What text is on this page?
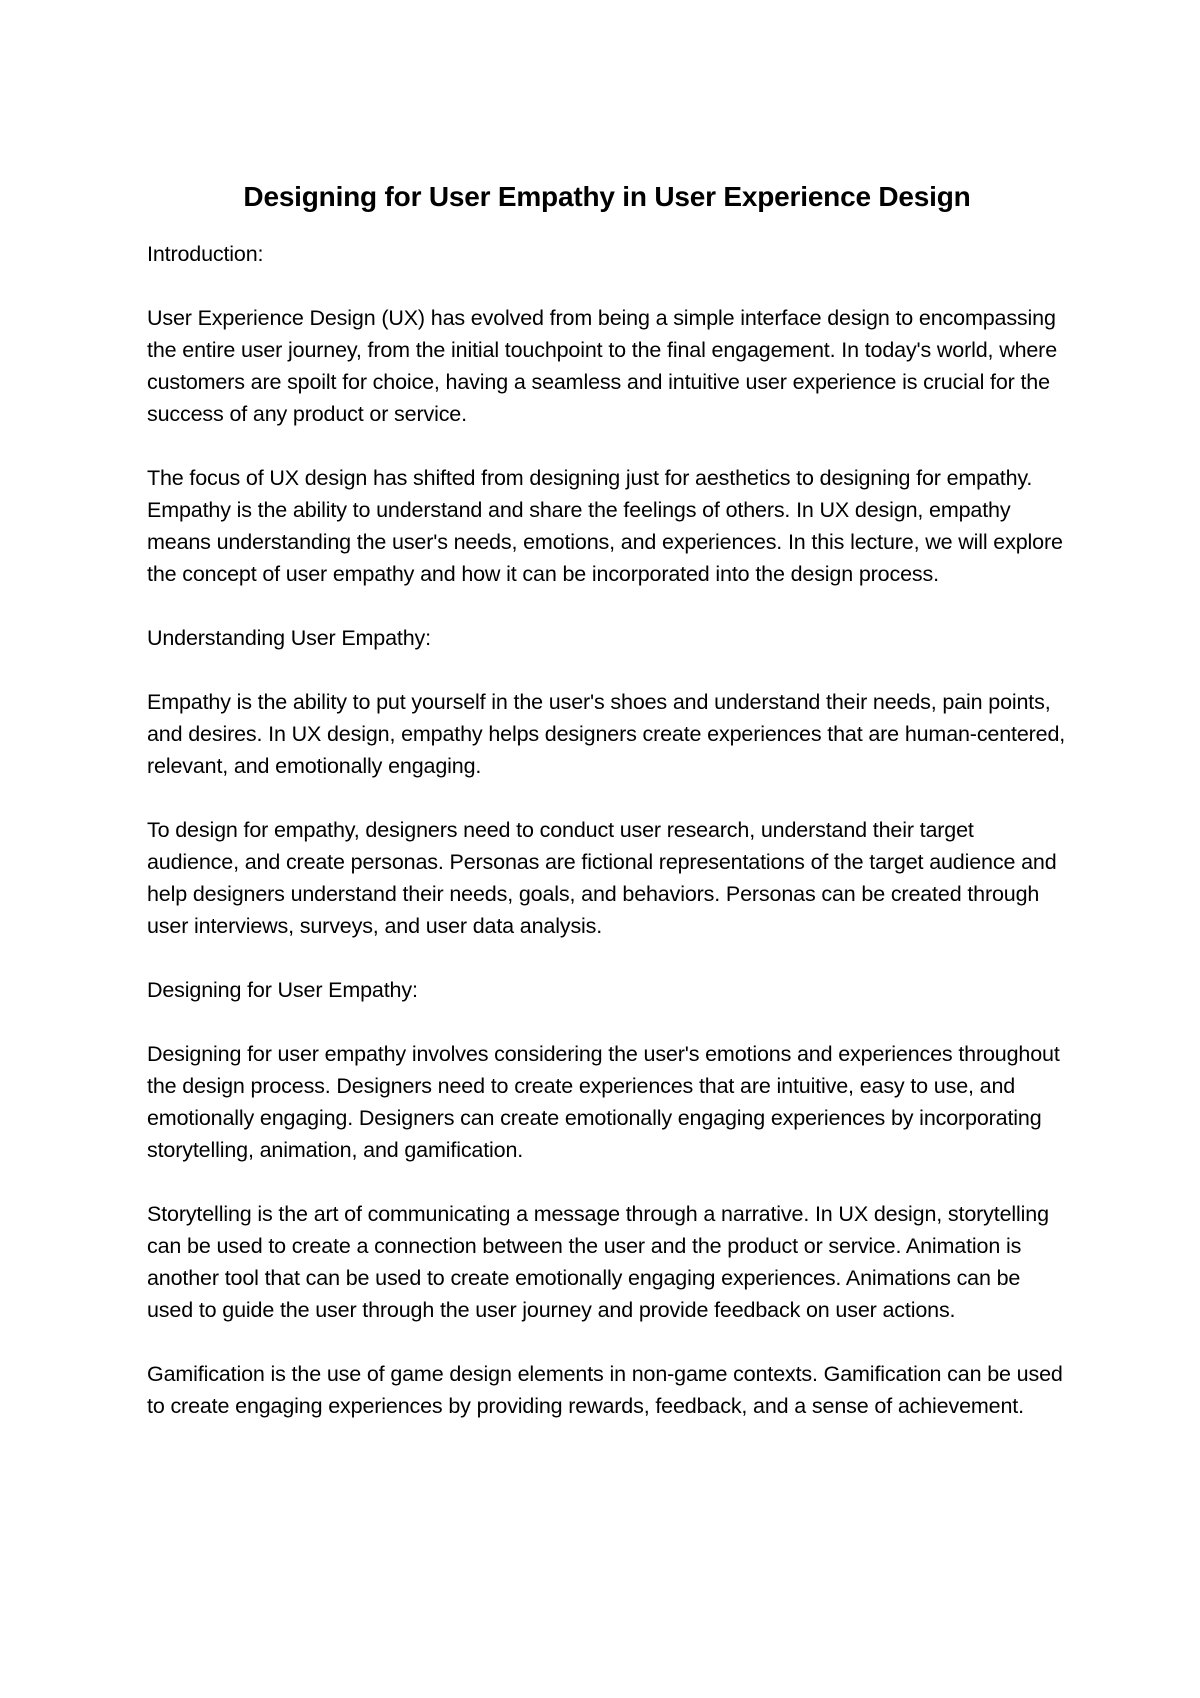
Designing for User Empathy in User Experience Design
Introduction:
User Experience Design (UX) has evolved from being a simple interface design to encompassing the entire user journey, from the initial touchpoint to the final engagement. In today's world, where customers are spoilt for choice, having a seamless and intuitive user experience is crucial for the success of any product or service.
The focus of UX design has shifted from designing just for aesthetics to designing for empathy. Empathy is the ability to understand and share the feelings of others. In UX design, empathy means understanding the user's needs, emotions, and experiences. In this lecture, we will explore the concept of user empathy and how it can be incorporated into the design process.
Understanding User Empathy:
Empathy is the ability to put yourself in the user's shoes and understand their needs, pain points, and desires. In UX design, empathy helps designers create experiences that are human-centered, relevant, and emotionally engaging.
To design for empathy, designers need to conduct user research, understand their target audience, and create personas. Personas are fictional representations of the target audience and help designers understand their needs, goals, and behaviors. Personas can be created through user interviews, surveys, and user data analysis.
Designing for User Empathy:
Designing for user empathy involves considering the user's emotions and experiences throughout the design process. Designers need to create experiences that are intuitive, easy to use, and emotionally engaging. Designers can create emotionally engaging experiences by incorporating storytelling, animation, and gamification.
Storytelling is the art of communicating a message through a narrative. In UX design, storytelling can be used to create a connection between the user and the product or service. Animation is another tool that can be used to create emotionally engaging experiences. Animations can be used to guide the user through the user journey and provide feedback on user actions.
Gamification is the use of game design elements in non-game contexts. Gamification can be used to create engaging experiences by providing rewards, feedback, and a sense of achievement.
